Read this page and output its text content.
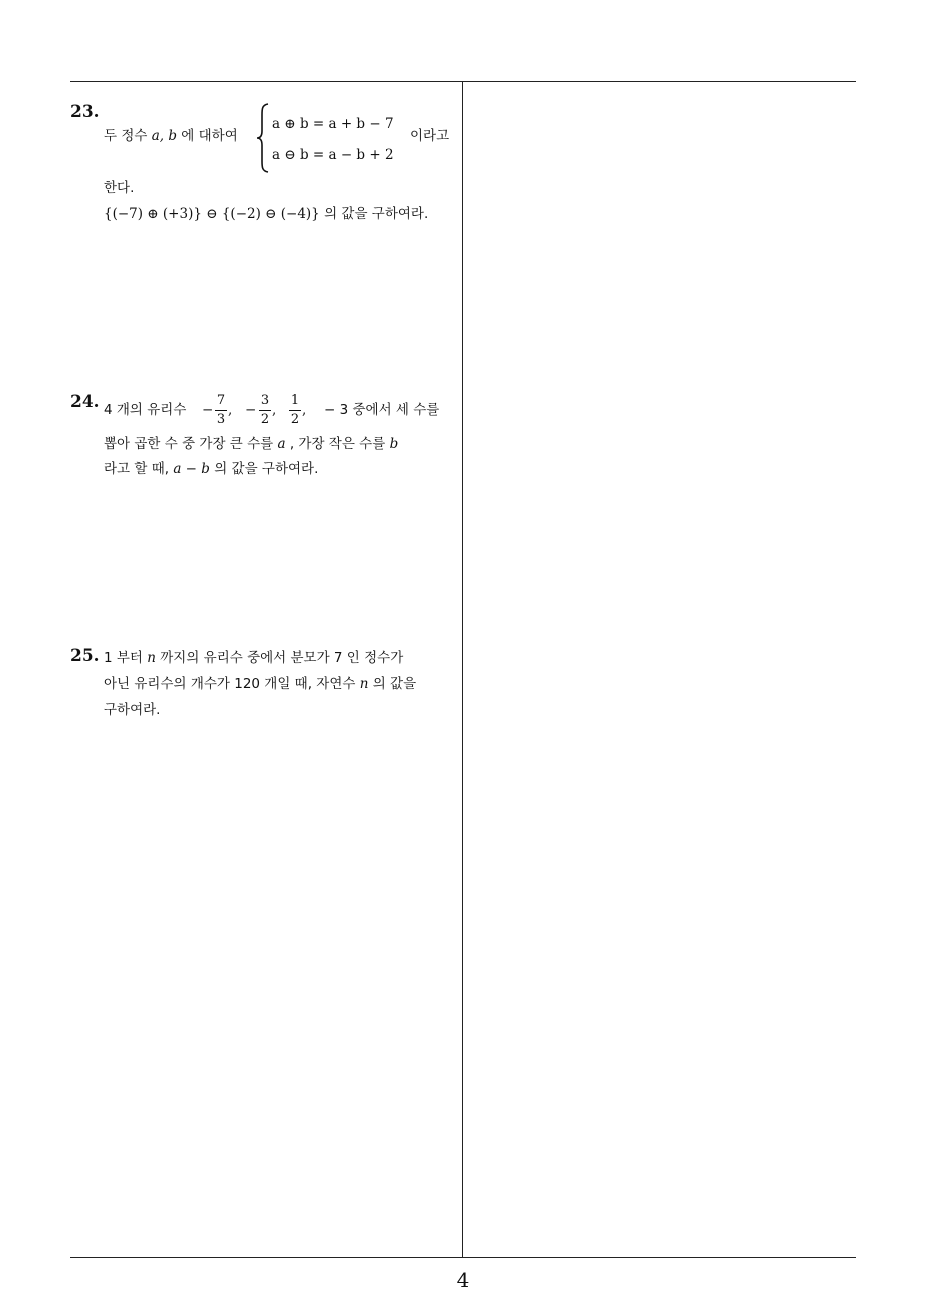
23.
두 정수 a, b 에 대하여
a ⊕ b = a + b − 7
a ⊖ b = a − b + 2
이라고
한다.
{(−7) ⊕ (+3)} ⊖ {(−2) ⊖ (−4)} 의 값을 구하여라.
24. 4 개의 유리수 −
7
3
, −
3
2
,
1
2
, − 3 중에서 세 수를
뽑아 곱한 수 중 가장 큰 수를 a , 가장 작은 수를 b
라고 할 때, a − b 의 값을 구하여라.
25. 1 부터 n 까지의 유리수 중에서 분모가 7 인 정수가
아닌 유리수의 개수가 120 개일 때, 자연수 n 의 값을
구하여라.
4
